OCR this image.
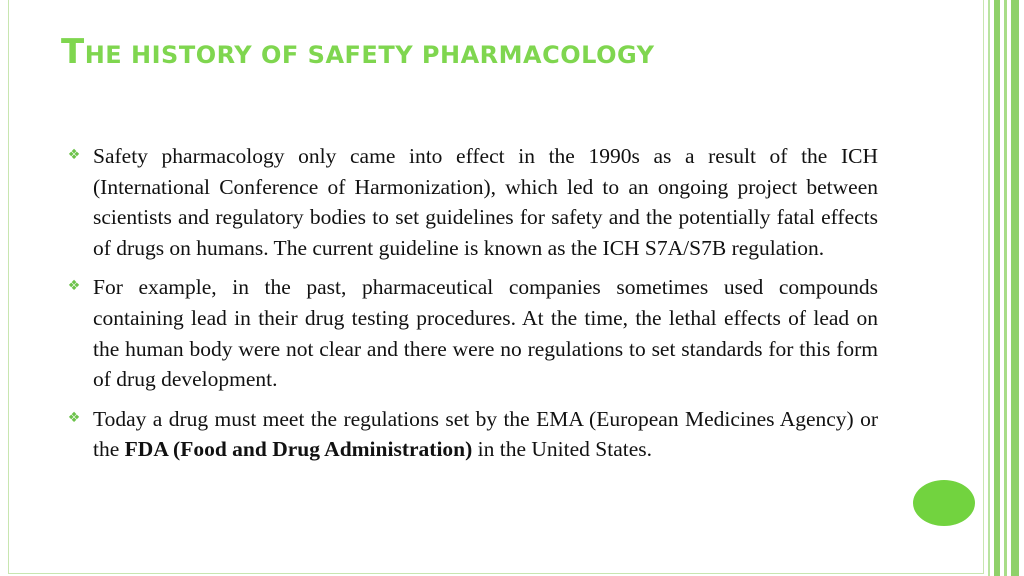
THE HISTORY OF SAFETY PHARMACOLOGY
❖ Safety pharmacology only came into effect in the 1990s as a result of the ICH (International Conference of Harmonization), which led to an ongoing project between scientists and regulatory bodies to set guidelines for safety and the potentially fatal effects of drugs on humans. The current guideline is known as the ICH S7A/S7B regulation.

❖ For example, in the past, pharmaceutical companies sometimes used compounds containing lead in their drug testing procedures. At the time, the lethal effects of lead on the human body were not clear and there were no regulations to set standards for this form of drug development.

❖ Today a drug must meet the regulations set by the EMA (European Medicines Agency) or the FDA (Food and Drug Administration) in the United States.
